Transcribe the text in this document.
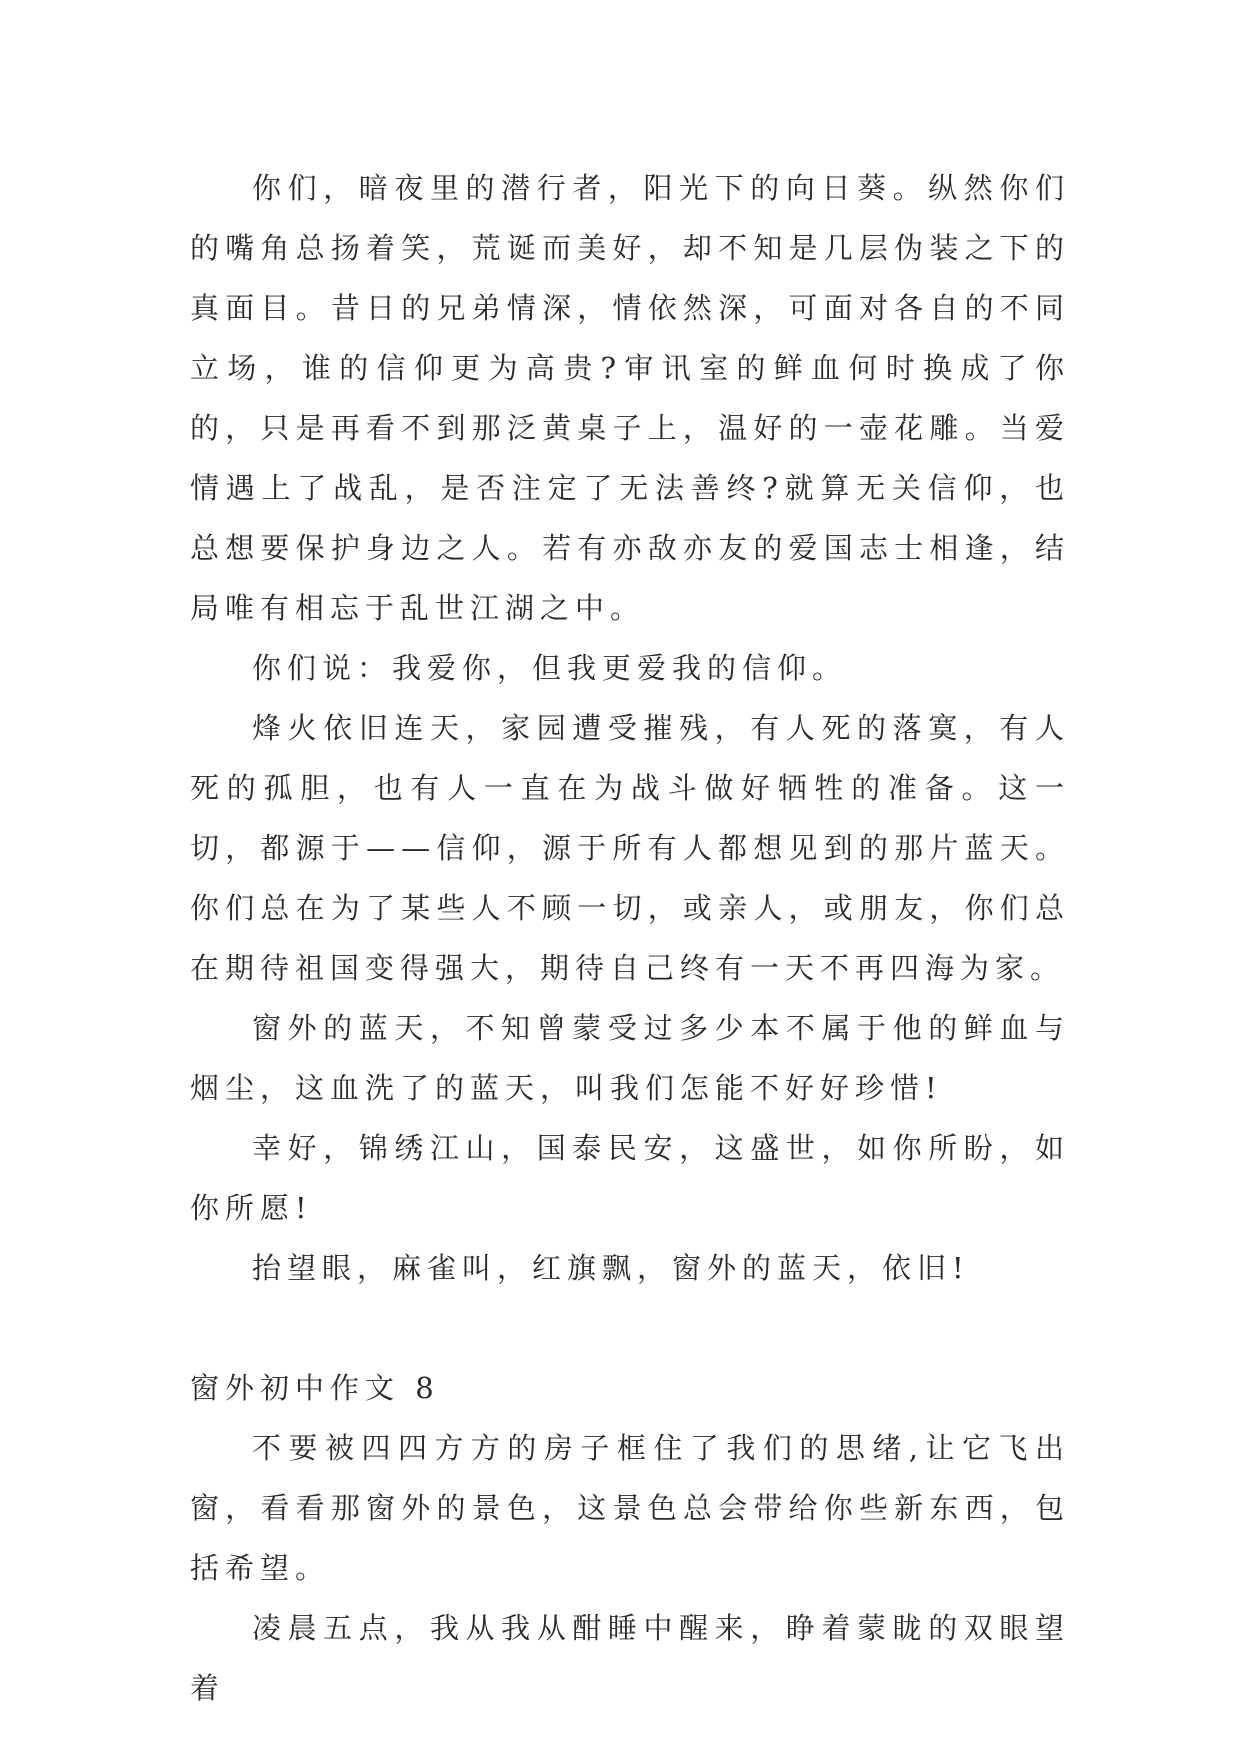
你们，暗夜里的潜行者，阳光下的向日葵。纵然你们的嘴角总扬着笑，荒诞而美好，却不知是几层伪装之下的真面目。昔日的兄弟情深，情依然深，可面对各自的不同立场，谁的信仰更为高贵?审讯室的鲜血何时换成了你的，只是再看不到那泛黄桌子上，温好的一壶花雕。当爱情遇上了战乱，是否注定了无法善终?就算无关信仰，也总想要保护身边之人。若有亦敌亦友的爱国志士相逢，结局唯有相忘于乱世江湖之中。

你们说：我爱你，但我更爱我的信仰。

烽火依旧连天，家园遭受摧残，有人死的落寞，有人死的孤胆，也有人一直在为战斗做好牺牲的准备。这一切，都源于——信仰，源于所有人都想见到的那片蓝天。你们总在为了某些人不顾一切，或亲人，或朋友，你们总在期待祖国变得强大，期待自己终有一天不再四海为家。

窗外的蓝天，不知曾蒙受过多少本不属于他的鲜血与烟尘，这血洗了的蓝天，叫我们怎能不好好珍惜!

幸好，锦绣江山，国泰民安，这盛世，如你所盼，如你所愿!

抬望眼，麻雀叫，红旗飘，窗外的蓝天，依旧!

窗外初中作文 8

不要被四四方方的房子框住了我们的思绪,让它飞出窗，看看那窗外的景色，这景色总会带给你些新东西，包括希望。

凌晨五点，我从我从酣睡中醒来，睁着蒙眬的双眼望着
